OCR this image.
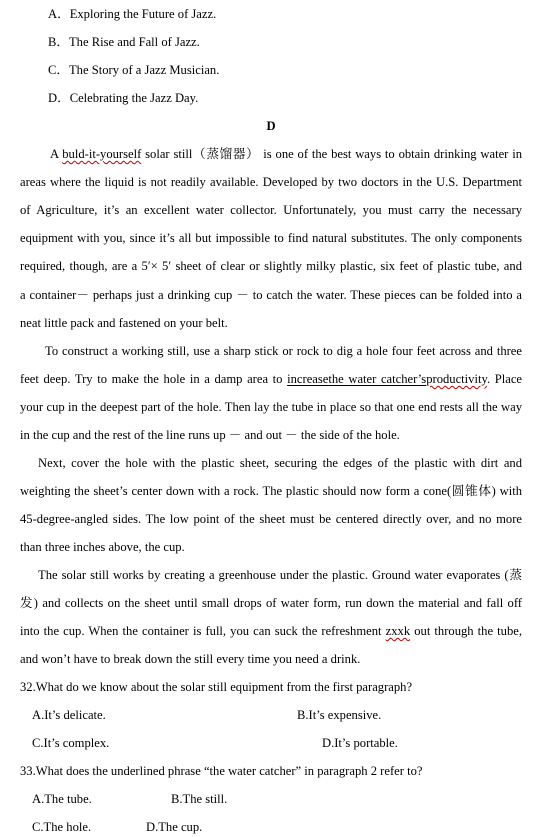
A．Exploring the Future of Jazz.
B．The Rise and Fall of Jazz.
C．The Story of a Jazz Musician.
D．Celebrating the Jazz Day.
D
A buld-it-yourself solar still（蒸馏器） is one of the best ways to obtain drinking water in
areas where the liquid is not readily available. Developed by two doctors in the U.S. Department
of Agriculture, it’s an excellent water collector. Unfortunately, you must carry the necessary
equipment with you, since it’s all but impossible to find natural substitutes. The only components
required, though, are a 5′× 5′ sheet of clear or slightly milky plastic, six feet of plastic tube, and
a container－ perhaps just a drinking cup － to catch the water. These pieces can be folded into a
neat little pack and fastened on your belt.
To construct a working still, use a sharp stick or rock to dig a hole four feet across and three
feet deep. Try to make the hole in a damp area to increasethe water catcher’sproductivity. Place
your cup in the deepest part of the hole. Then lay the tube in place so that one end rests all the way
in the cup and the rest of the line runs up － and out － the side of the hole.
Next, cover the hole with the plastic sheet, securing the edges of the plastic with dirt and
weighting the sheet’s center down with a rock. The plastic should now form a cone(圆锥体) with
45-degree-angled sides. The low point of the sheet must be centered directly over, and no more
than three inches above, the cup.
The solar still works by creating a greenhouse under the plastic. Ground water evaporates (蒸
发) and collects on the sheet until small drops of water form, run down the material and fall off
into the cup. When the container is full, you can suck the refreshment zxxk out through the tube,
and won’t have to break down the still every time you need a drink.
32.What do we know about the solar still equipment from the first paragraph?
A.It’s delicate.	B.It’s expensive.
C.It’s complex.	D.It’s portable.
33.What does the underlined phrase “the water catcher” in paragraph 2 refer to?
A.The tube.	B.The still.
C.The hole.	D.The cup.
